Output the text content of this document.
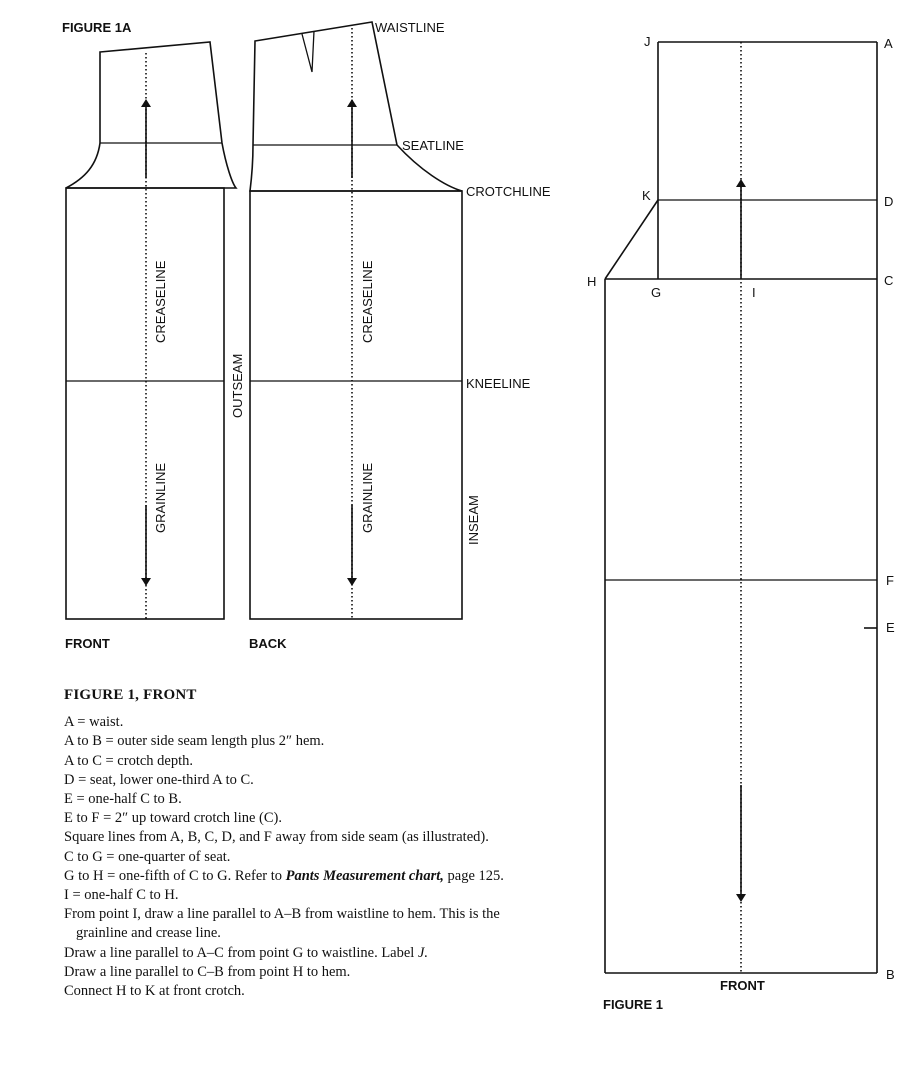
FIGURE 1A	WAISTLINE
SEATLINE
CROTCHLINE
KNEELINE
INSEAM
OUTSEAM
CREASELINE	CREASELINE
GRAINLINE	GRAINLINE
FRONT	BACK
J	A
K	D
H
G	I
C
F
E
B
FRONT
FIGURE 1
FIGURE 1, FRONT
A = waist.
A to B = outer side seam length plus 2″ hem.
A to C = crotch depth.
D = seat, lower one-third A to C.
E = one-half C to B.
E to F = 2″ up toward crotch line (C).
Square lines from A, B, C, D, and F away from side seam (as illustrated).
C to G = one-quarter of seat.
G to H = one-fifth of C to G. Refer to Pants Measurement chart, page 125.
I = one-half C to H.
From point I, draw a line parallel to A–B from waistline to hem. This is the grainline and crease line.
Draw a line parallel to A–C from point G to waistline. Label J.
Draw a line parallel to C–B from point H to hem.
Connect H to K at front crotch.
